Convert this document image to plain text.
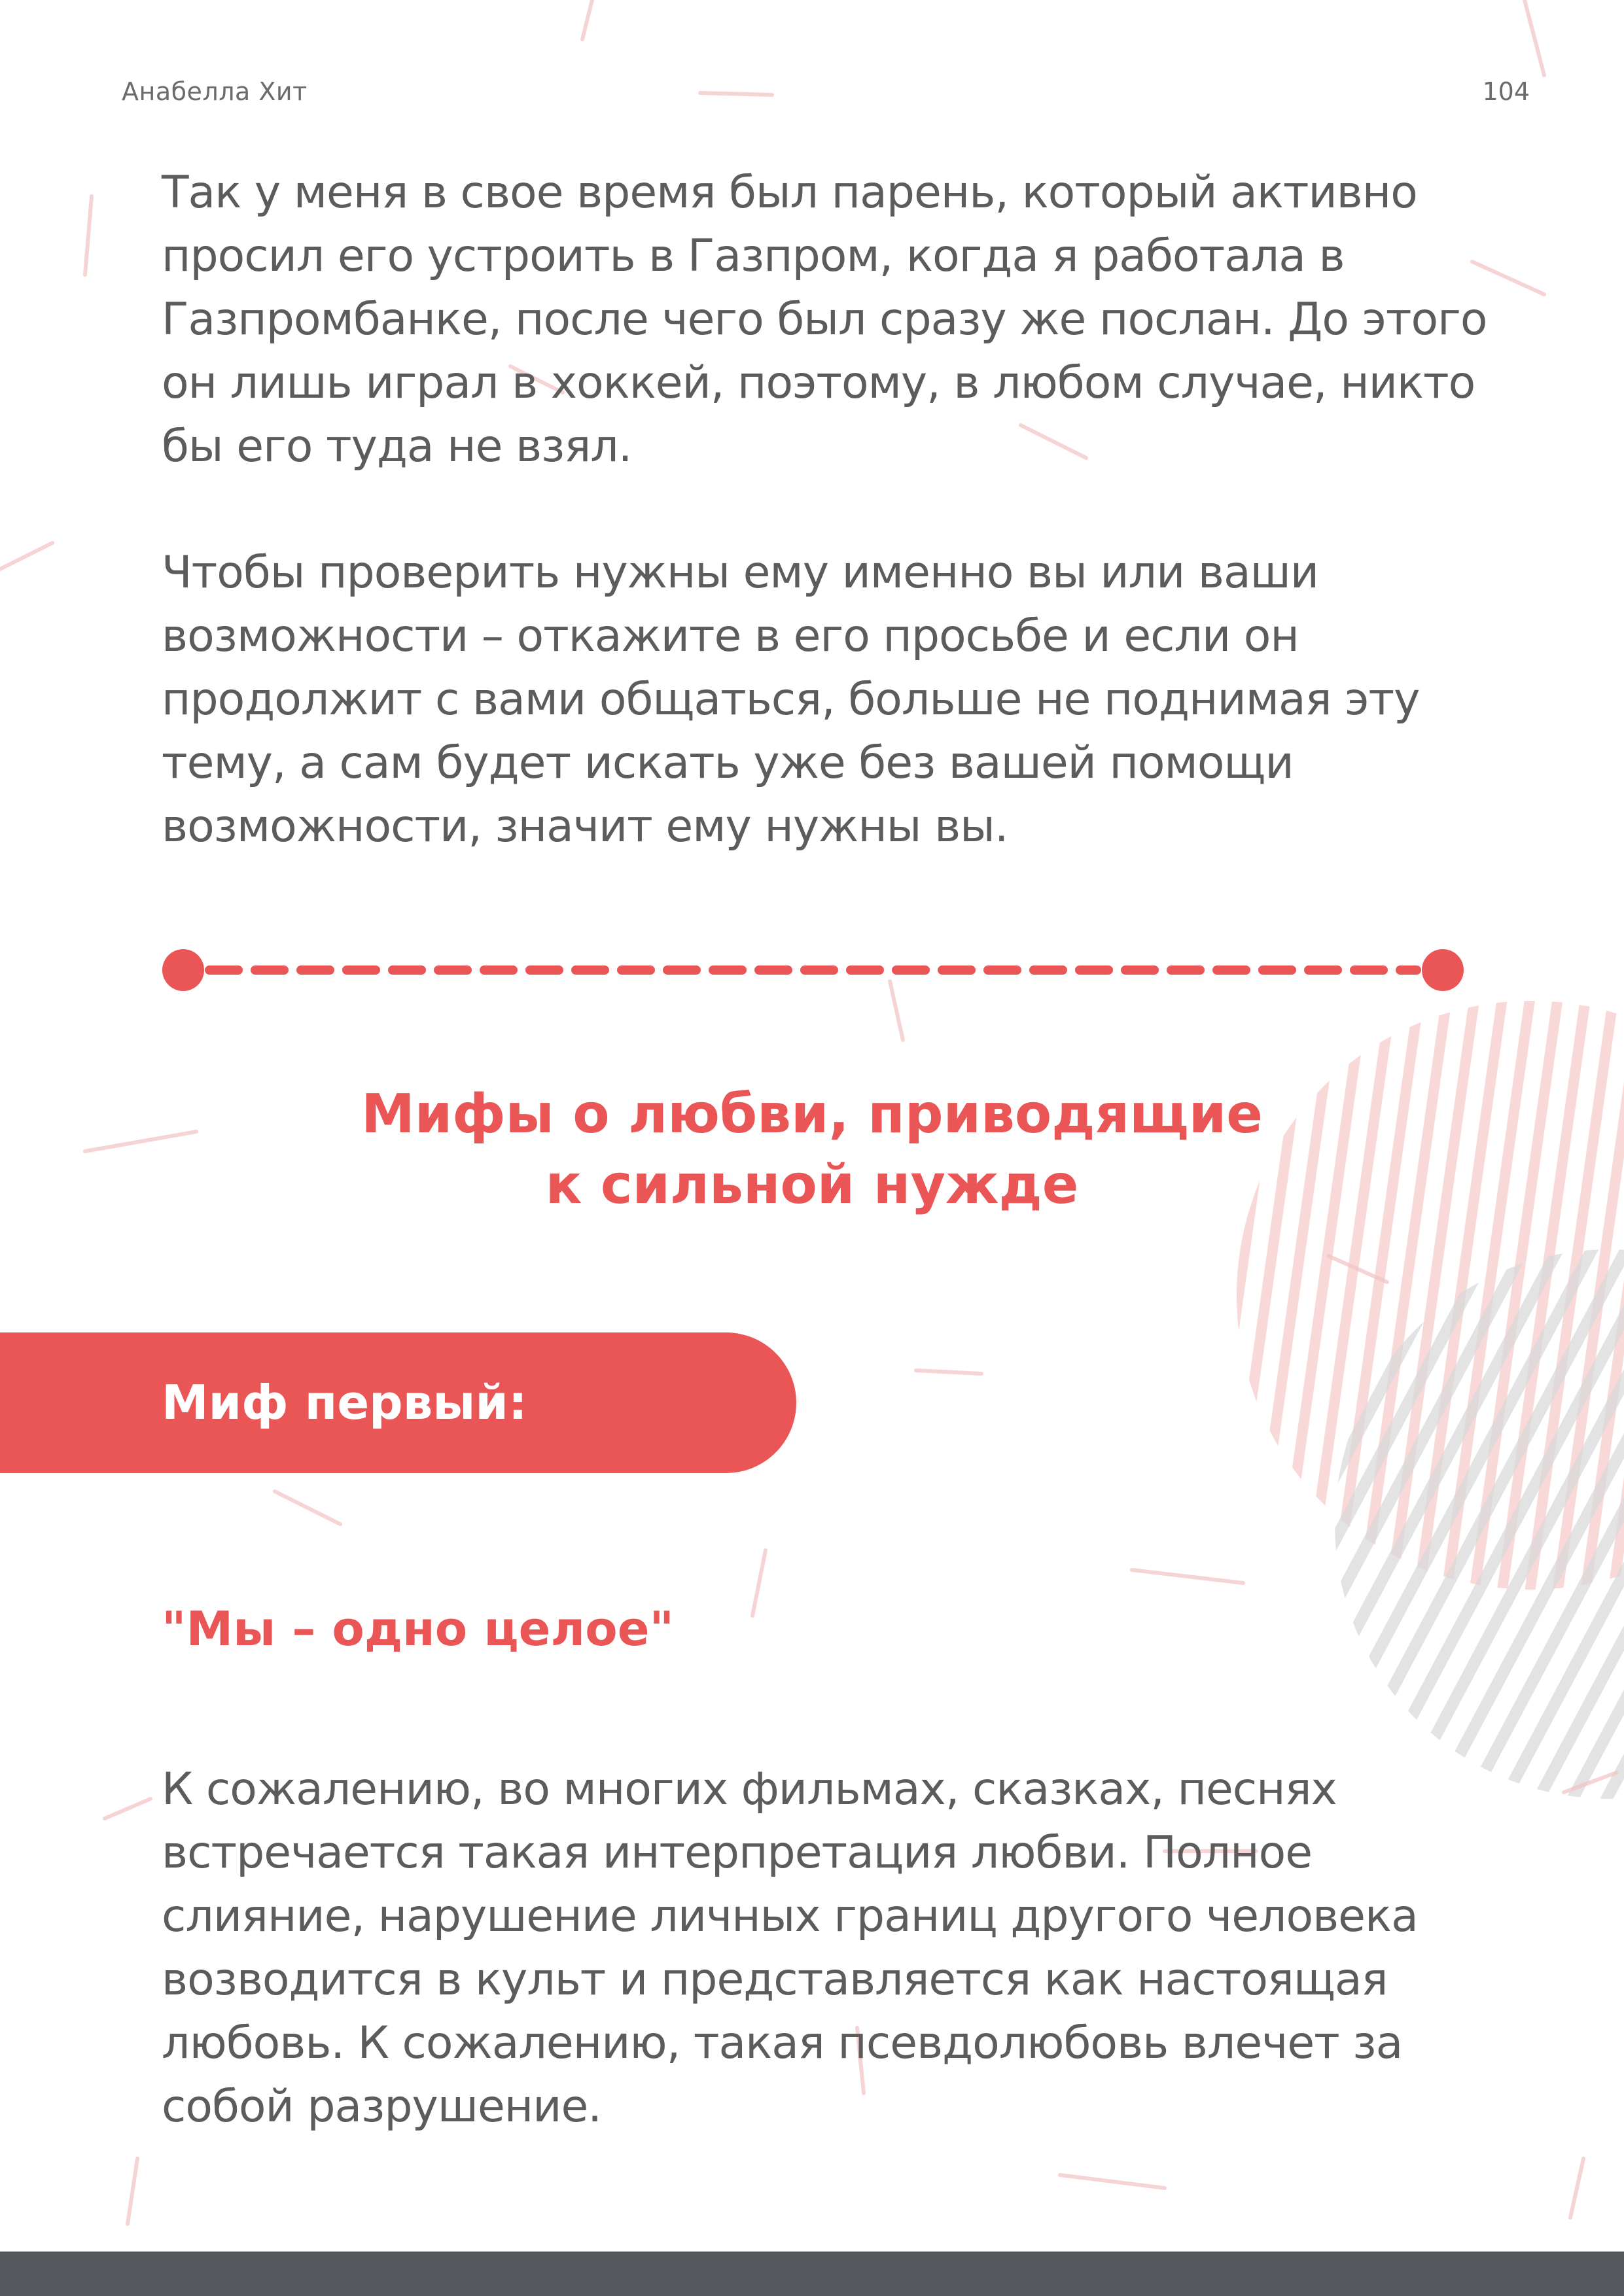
Анабелла Хит	104

Так у меня в свое время был парень, который активно просил его устроить в Газпром, когда я работала в Газпромбанке, после чего был сразу же послан. До этого он лишь играл в хоккей, поэтому, в любом случае, никто бы его туда не взял.

Чтобы проверить нужны ему именно вы или ваши возможности – откажите в его просьбе и если он продолжит с вами общаться, больше не поднимая эту тему, а сам будет искать уже без вашей помощи возможности, значит ему нужны вы.

Мифы о любви, приводящие
к сильной нужде
Миф первый:
"Мы – одно целое"

К сожалению, во многих фильмах, сказках, песнях встречается такая интерпретация любви. Полное слияние, нарушение личных границ другого человека возводится в культ и представляется как настоящая любовь. К сожалению, такая псевдолюбовь влечет за собой разрушение.
